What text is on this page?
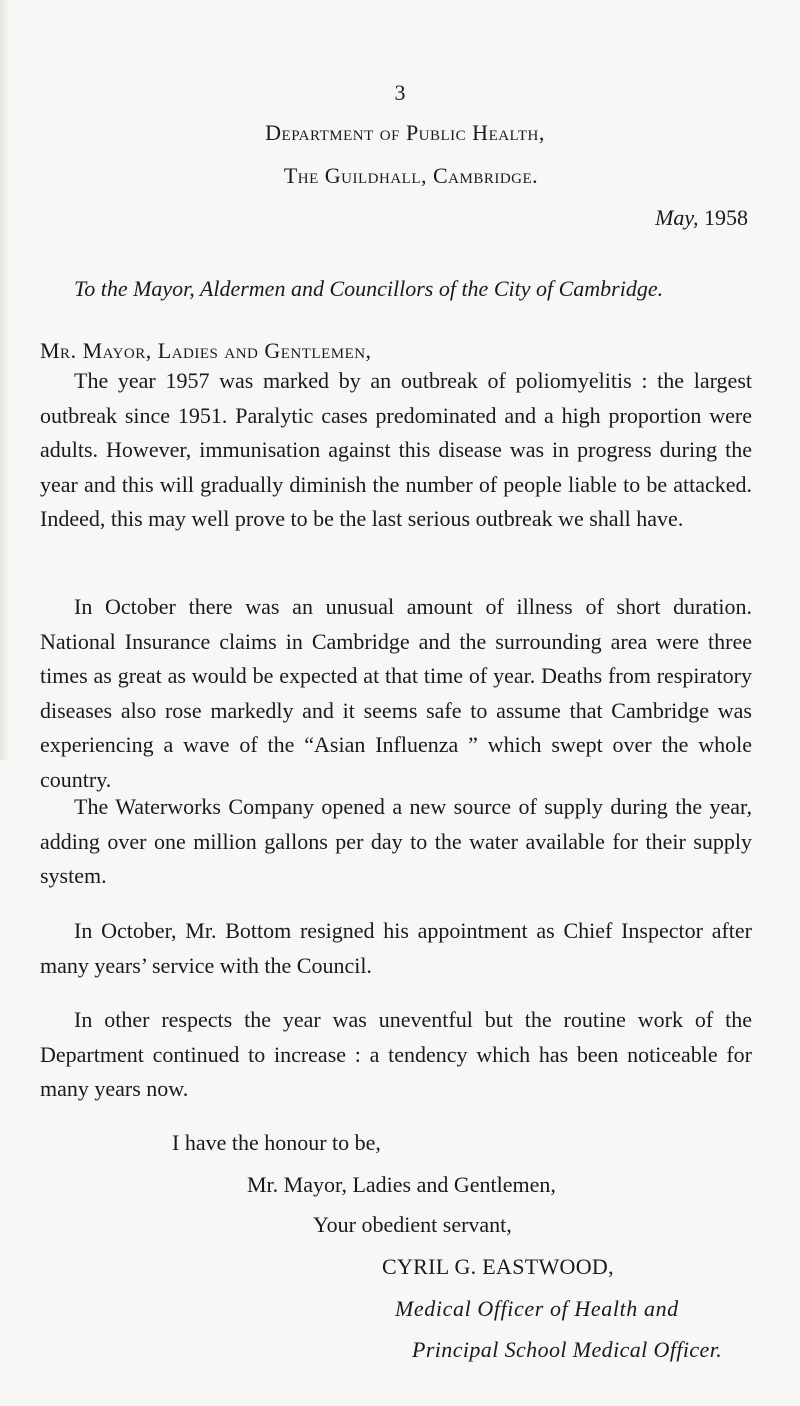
3
Department of Public Health,
The Guildhall, Cambridge.
May, 1958
To the Mayor, Aldermen and Councillors of the City of Cambridge.
Mr. Mayor, Ladies and Gentlemen,

The year 1957 was marked by an outbreak of poliomyelitis : the largest outbreak since 1951. Paralytic cases predominated and a high proportion were adults. However, immunisation against this disease was in progress during the year and this will gradually diminish the number of people liable to be attacked. Indeed, this may well prove to be the last serious outbreak we shall have.

In October there was an unusual amount of illness of short duration. National Insurance claims in Cambridge and the surrounding area were three times as great as would be expected at that time of year. Deaths from respiratory diseases also rose markedly and it seems safe to assume that Cambridge was experiencing a wave of the “Asian Influenza ” which swept over the whole country.

The Waterworks Company opened a new source of supply during the year, adding over one million gallons per day to the water available for their supply system.

In October, Mr. Bottom resigned his appointment as Chief Inspector after many years’ service with the Council.

In other respects the year was uneventful but the routine work of the Department continued to increase : a tendency which has been noticeable for many years now.

I have the honour to be,
Mr. Mayor, Ladies and Gentlemen,
Your obedient servant,
CYRIL G. EASTWOOD,
Medical Officer of Health and
Principal School Medical Officer.
